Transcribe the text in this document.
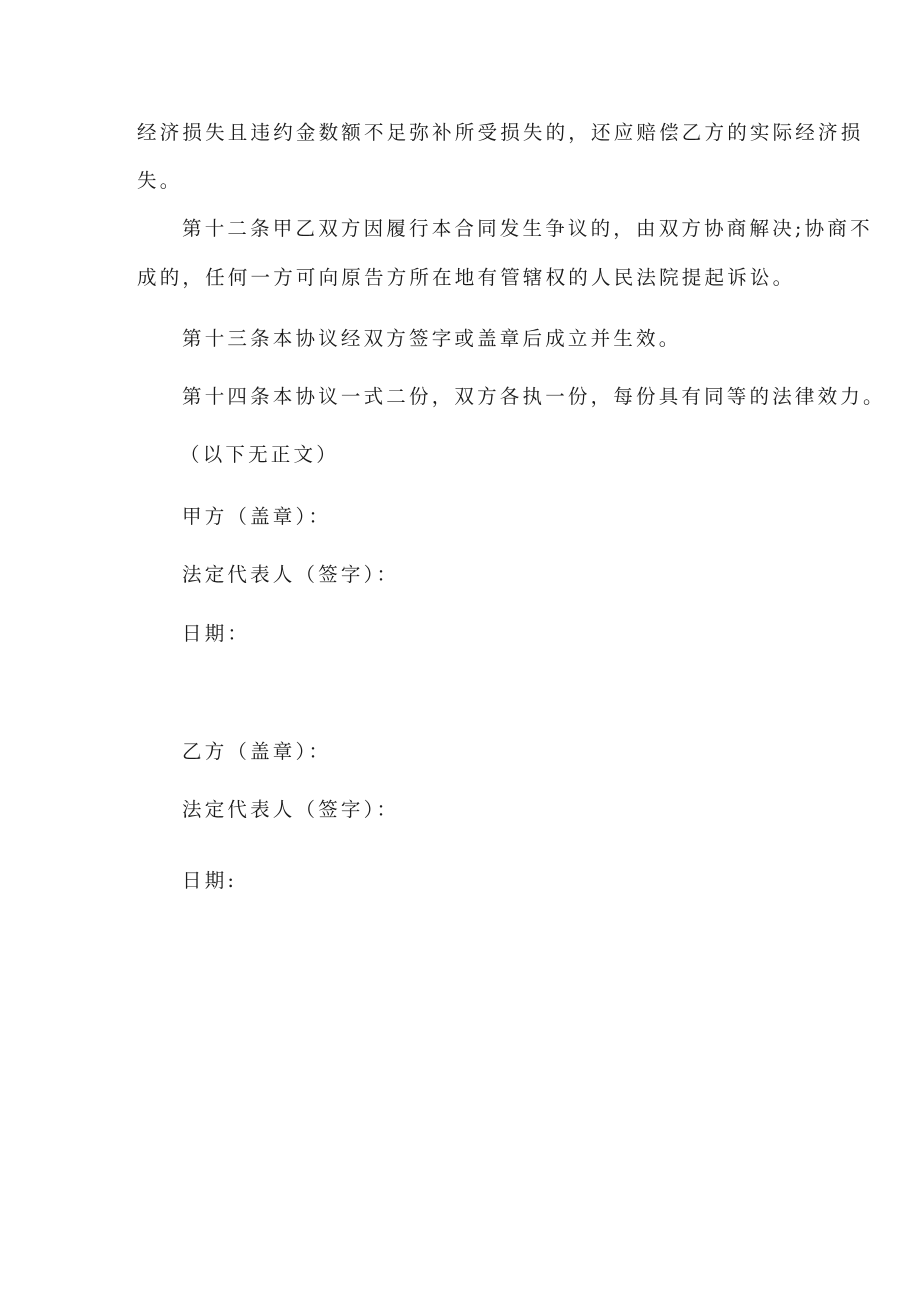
经济损失且违约金数额不足弥补所受损失的，还应赔偿乙方的实际经济损
失。
第十二条甲乙双方因履行本合同发生争议的，由双方协商解决;协商不
成的，任何一方可向原告方所在地有管辖权的人民法院提起诉讼。
第十三条本协议经双方签字或盖章后成立并生效。
第十四条本协议一式二份，双方各执一份，每份具有同等的法律效力。
（以下无正文）
甲方（盖章）：
法定代表人（签字）：
日期：
乙方（盖章）：
法定代表人（签字）：
日期:
